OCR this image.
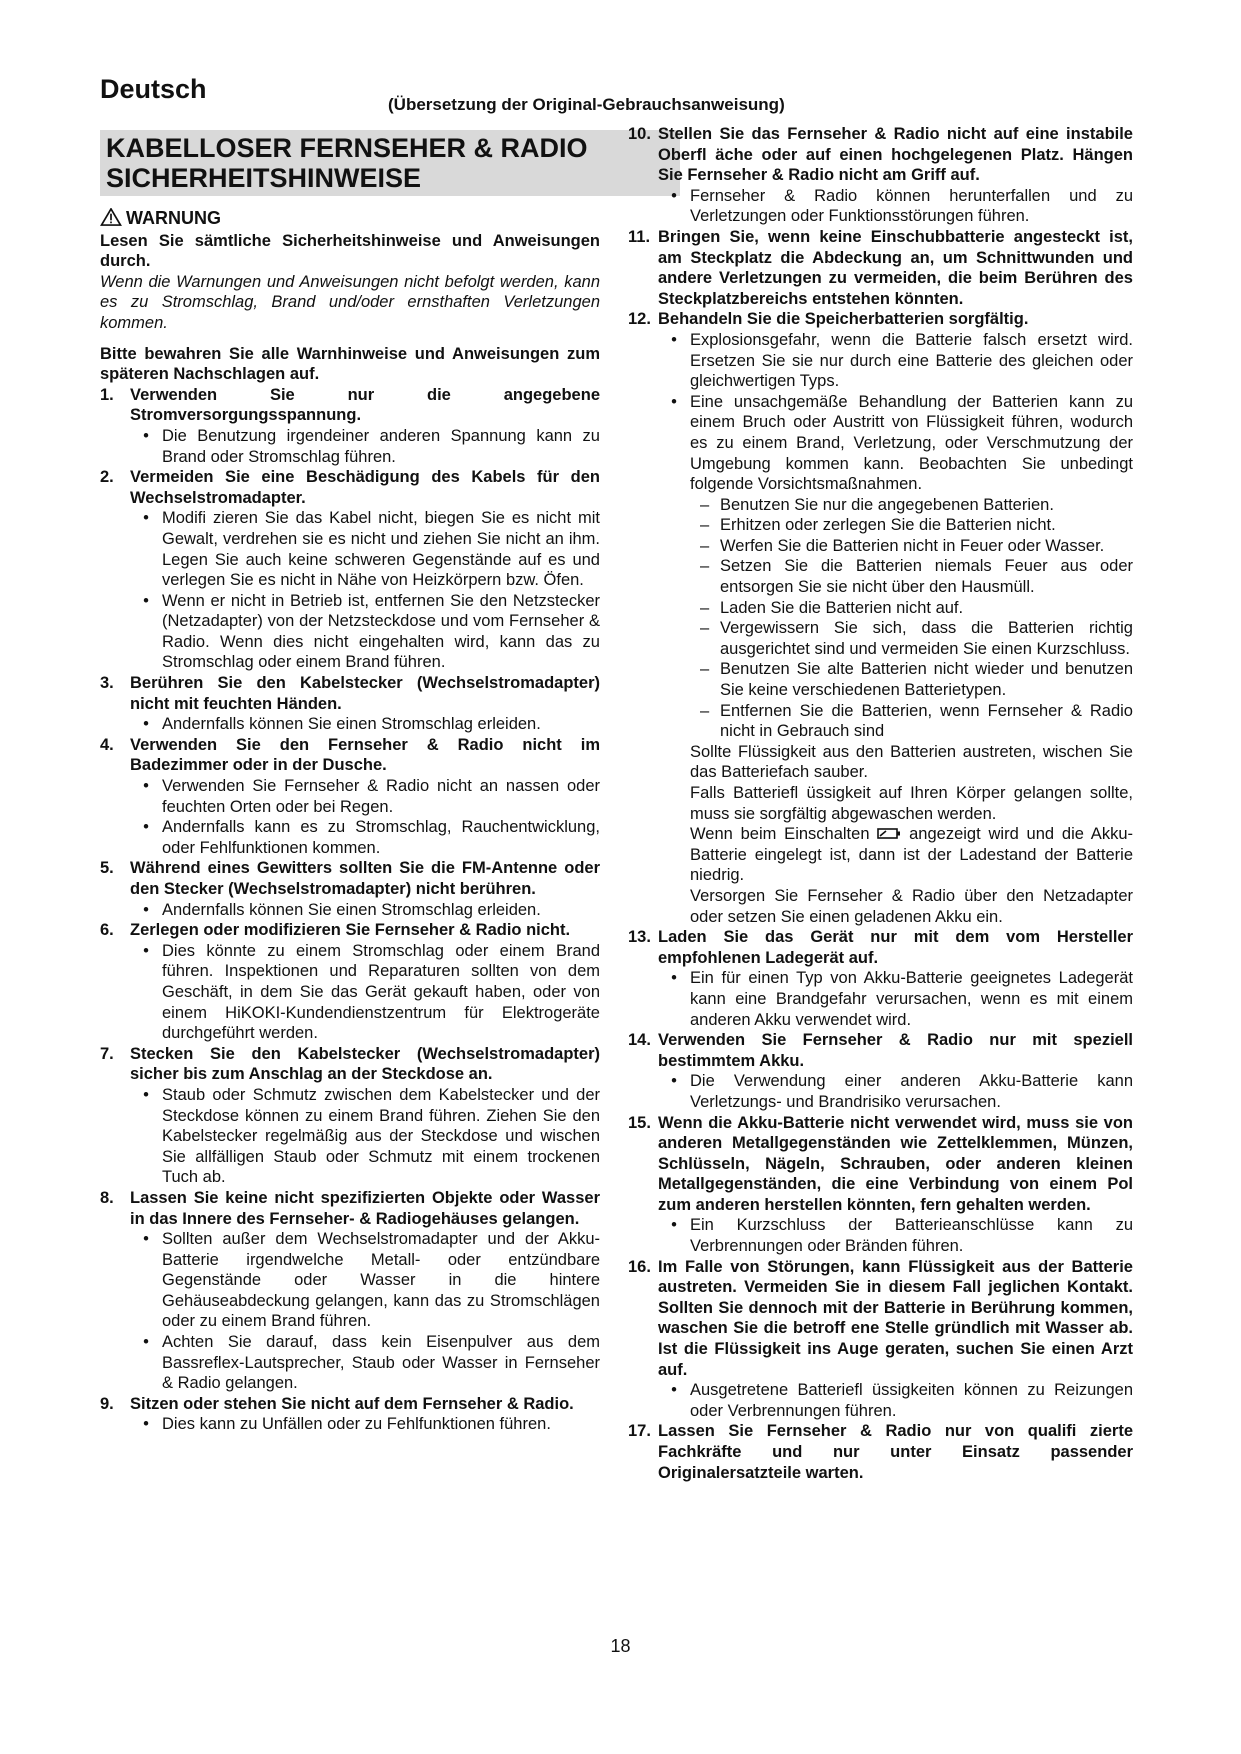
Deutsch
(Übersetzung der Original-Gebrauchsanweisung)
KABELLOSER FERNSEHER & RADIO
SICHERHEITSHINWEISE
WARNUNG
Lesen Sie sämtliche Sicherheitshinweise und Anweisungen durch.
Wenn die Warnungen und Anweisungen nicht befolgt werden, kann es zu Stromschlag, Brand und/oder ernsthaften Verletzungen kommen.
Bitte bewahren Sie alle Warnhinweise und Anweisungen zum späteren Nachschlagen auf.
1. Verwenden Sie nur die angegebene Stromversorgungsspannung.
• Die Benutzung irgendeiner anderen Spannung kann zu Brand oder Stromschlag führen.
2. Vermeiden Sie eine Beschädigung des Kabels für den Wechselstromadapter.
• Modifi zieren Sie das Kabel nicht, biegen Sie es nicht mit Gewalt, verdrehen sie es nicht und ziehen Sie nicht an ihm. Legen Sie auch keine schweren Gegenstände auf es und verlegen Sie es nicht in Nähe von Heizkörpern bzw. Öfen.
• Wenn er nicht in Betrieb ist, entfernen Sie den Netzstecker (Netzadapter) von der Netzsteckdose und vom Fernseher & Radio. Wenn dies nicht eingehalten wird, kann das zu Stromschlag oder einem Brand führen.
3. Berühren Sie den Kabelstecker (Wechselstromadapter) nicht mit feuchten Händen.
• Andernfalls können Sie einen Stromschlag erleiden.
4. Verwenden Sie den Fernseher & Radio nicht im Badezimmer oder in der Dusche.
• Verwenden Sie Fernseher & Radio nicht an nassen oder feuchten Orten oder bei Regen.
• Andernfalls kann es zu Stromschlag, Rauchentwicklung, oder Fehlfunktionen kommen.
5. Während eines Gewitters sollten Sie die FM-Antenne oder den Stecker (Wechselstromadapter) nicht berühren.
• Andernfalls können Sie einen Stromschlag erleiden.
6. Zerlegen oder modifizieren Sie Fernseher & Radio nicht.
• Dies könnte zu einem Stromschlag oder einem Brand führen. Inspektionen und Reparaturen sollten von dem Geschäft, in dem Sie das Gerät gekauft haben, oder von einem HiKOKI-Kundendienstzentrum für Elektrogeräte durchgeführt werden.
7. Stecken Sie den Kabelstecker (Wechselstromadapter) sicher bis zum Anschlag an der Steckdose an.
• Staub oder Schmutz zwischen dem Kabelstecker und der Steckdose können zu einem Brand führen. Ziehen Sie den Kabelstecker regelmäßig aus der Steckdose und wischen Sie allfälligen Staub oder Schmutz mit einem trockenen Tuch ab.
8. Lassen Sie keine nicht spezifizierten Objekte oder Wasser in das Innere des Fernseher- & Radiogehäuses gelangen.
• Sollten außer dem Wechselstromadapter und der Akku-Batterie irgendwelche Metall- oder entzündbare Gegenstände oder Wasser in die hintere Gehäuseabdeckung gelangen, kann das zu Stromschlägen oder zu einem Brand führen.
• Achten Sie darauf, dass kein Eisenpulver aus dem Bassreflex-Lautsprecher, Staub oder Wasser in Fernseher & Radio gelangen.
9. Sitzen oder stehen Sie nicht auf dem Fernseher & Radio.
• Dies kann zu Unfällen oder zu Fehlfunktionen führen.
10. Stellen Sie das Fernseher & Radio nicht auf eine instabile Oberfl äche oder auf einen hochgelegenen Platz. Hängen Sie Fernseher & Radio nicht am Griff auf.
• Fernseher & Radio können herunterfallen und zu Verletzungen oder Funktionsstörungen führen.
11. Bringen Sie, wenn keine Einschubbatterie angesteckt ist, am Steckplatz die Abdeckung an, um Schnittwunden und andere Verletzungen zu vermeiden, die beim Berühren des Steckplatzbereichs entstehen könnten.
12. Behandeln Sie die Speicherbatterien sorgfältig.
• Explosionsgefahr, wenn die Batterie falsch ersetzt wird. Ersetzen Sie sie nur durch eine Batterie des gleichen oder gleichwertigen Typs.
• Eine unsachgemäße Behandlung der Batterien kann zu einem Bruch oder Austritt von Flüssigkeit führen, wodurch es zu einem Brand, Verletzung, oder Verschmutzung der Umgebung kommen kann. Beobachten Sie unbedingt folgende Vorsichtsmaßnahmen.
– Benutzen Sie nur die angegebenen Batterien.
– Erhitzen oder zerlegen Sie die Batterien nicht.
– Werfen Sie die Batterien nicht in Feuer oder Wasser.
– Setzen Sie die Batterien niemals Feuer aus oder entsorgen Sie sie nicht über den Hausmüll.
– Laden Sie die Batterien nicht auf.
– Vergewissern Sie sich, dass die Batterien richtig ausgerichtet sind und vermeiden Sie einen Kurzschluss.
– Benutzen Sie alte Batterien nicht wieder und benutzen Sie keine verschiedenen Batterietypen.
– Entfernen Sie die Batterien, wenn Fernseher & Radio nicht in Gebrauch sind
Sollte Flüssigkeit aus den Batterien austreten, wischen Sie das Batteriefach sauber.
Falls Batteriefl üssigkeit auf Ihren Körper gelangen sollte, muss sie sorgfältig abgewaschen werden.
Wenn beim Einschalten angezeigt wird und die Akku-Batterie eingelegt ist, dann ist der Ladestand der Batterie niedrig.
Versorgen Sie Fernseher & Radio über den Netzadapter oder setzen Sie einen geladenen Akku ein.
13. Laden Sie das Gerät nur mit dem vom Hersteller empfohlenen Ladegerät auf.
• Ein für einen Typ von Akku-Batterie geeignetes Ladegerät kann eine Brandgefahr verursachen, wenn es mit einem anderen Akku verwendet wird.
14. Verwenden Sie Fernseher & Radio nur mit speziell bestimmtem Akku.
• Die Verwendung einer anderen Akku-Batterie kann Verletzungs- und Brandrisiko verursachen.
15. Wenn die Akku-Batterie nicht verwendet wird, muss sie von anderen Metallgegenständen wie Zettelklemmen, Münzen, Schlüsseln, Nägeln, Schrauben, oder anderen kleinen Metallgegenständen, die eine Verbindung von einem Pol zum anderen herstellen könnten, fern gehalten werden.
• Ein Kurzschluss der Batterieanschlüsse kann zu Verbrennungen oder Bränden führen.
16. Im Falle von Störungen, kann Flüssigkeit aus der Batterie austreten. Vermeiden Sie in diesem Fall jeglichen Kontakt. Sollten Sie dennoch mit der Batterie in Berührung kommen, waschen Sie die betroff ene Stelle gründlich mit Wasser ab. Ist die Flüssigkeit ins Auge geraten, suchen Sie einen Arzt auf.
• Ausgetretene Batteriefl üssigkeiten können zu Reizungen oder Verbrennungen führen.
17. Lassen Sie Fernseher & Radio nur von qualifi zierte Fachkräfte und nur unter Einsatz passender Originalersatzteile warten.
18
